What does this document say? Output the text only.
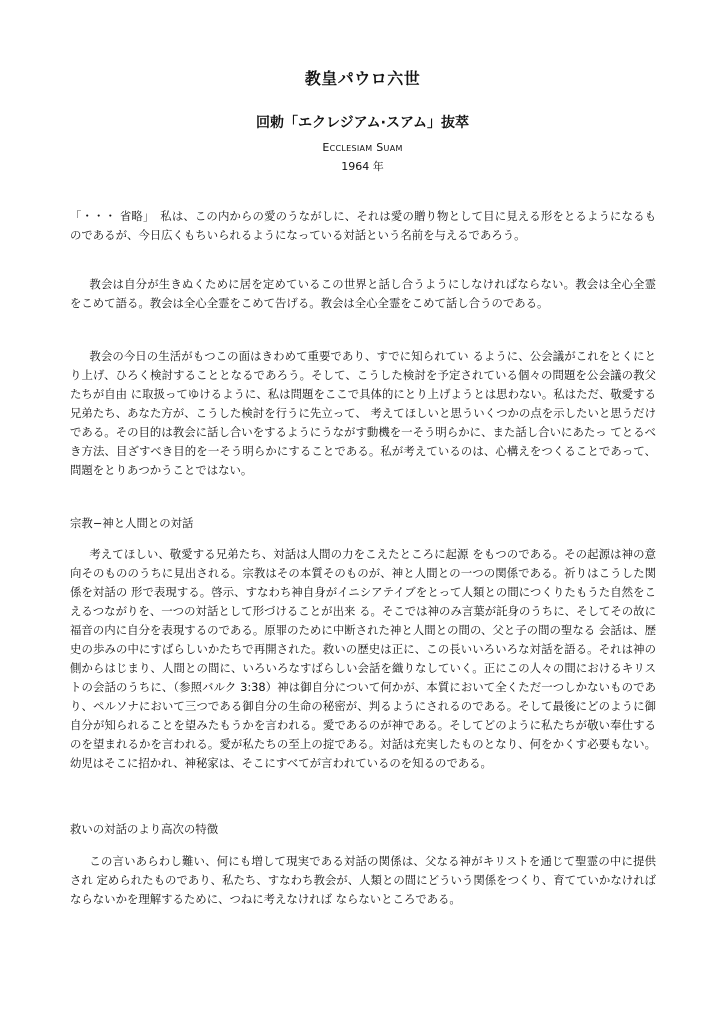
教皇パウロ六世
回勅「エクレジアム·スアム」抜萃
Ecclesiam Suam
1964 年

「・・・ 省略」　私は、この内からの愛のうながしに、それは愛の贈り物として目に見える形をとるようになるものであるが、今日広くもちいられるようになっている対話という名前を与えるであろう。

教会は自分が生きぬくために居を定めているこの世界と話し合うようにしなければならない。教会は全心全霊をこめて語る。教会は全心全霊をこめて告げる。教会は全心全霊をこめて話し合うのである。

教会の今日の生活がもつこの面はきわめて重要であり、すでに知られてい るように、公会議がこれをとくにとり上げ、ひろく検討することとなるであろう。そして、こうした検討を予定されている個々の問題を公会議の教父たちが自由 に取扱ってゆけるように、私は問題をここで具体的にとり上げようとは思わない。私はただ、敬愛する兄弟たち、あなた方が、こうした検討を行うに先立って、 考えてほしいと思ういくつかの点を示したいと思うだけである。その目的は教会に話し合いをするようにうながす動機を一そう明らかに、また話し合いにあたっ てとるべき方法、目ざすべき目的を一そう明らかにすることである。私が考えているのは、心構えをつくることであって、問題をとりあつかうことではない。

宗教−神と人間との対話

考えてほしい、敬愛する兄弟たち、対話は人間の力をこえたところに起源 をもつのである。その起源は神の意向そのもののうちに見出される。宗教はその本質そのものが、神と人間との一つの関係である。祈りはこうした関係を対話の 形で表現する。啓示、すなわち神自身がイニシアテイブをとって人類との間につくりたもうた自然をこえるつながりを、一つの対話として形づけることが出来 る。そこでは神のみ言葉が託身のうちに、そしてその故に福音の内に自分を表現するのである。原罪のために中断された神と人間との間の、父と子の間の聖なる 会話は、歴史の歩みの中にすばらしいかたちで再開された。救いの歴史は正に、この長いいろいろな対話を語る。それは神の側からはじまり、人間との間に、いろいろなすばらしい会話を織りなしていく。正にこの人々の間におけるキリストの会話のうちに、（参照バルク 3:38）神は御自分について何かが、本質において全くただ一つしかないものであり、ペルソナにおいて三つである御自分の生命の秘密が、判るようにされるのである。そして最後にどのように御自分が知られることを望みたもうかを言われる。愛であるのが神である。そしてどのように私たちが敬い奉仕するのを望まれるかを言われる。愛が私たちの至上の掟である。対話は充実したものとなり、何をかくす必要もない。幼児はそこに招かれ、神秘家は、そこにすべてが言われているのを知るのである。

救いの対話のより高次の特徴

この言いあらわし難い、何にも増して現実である対話の関係は、父なる神がキリストを通じて聖霊の中に提供され 定められたものであり、私たち、すなわち教会が、人類との間にどういう関係をつくり、育てていかなければならないかを理解するために、つねに考えなければ ならないところである。
